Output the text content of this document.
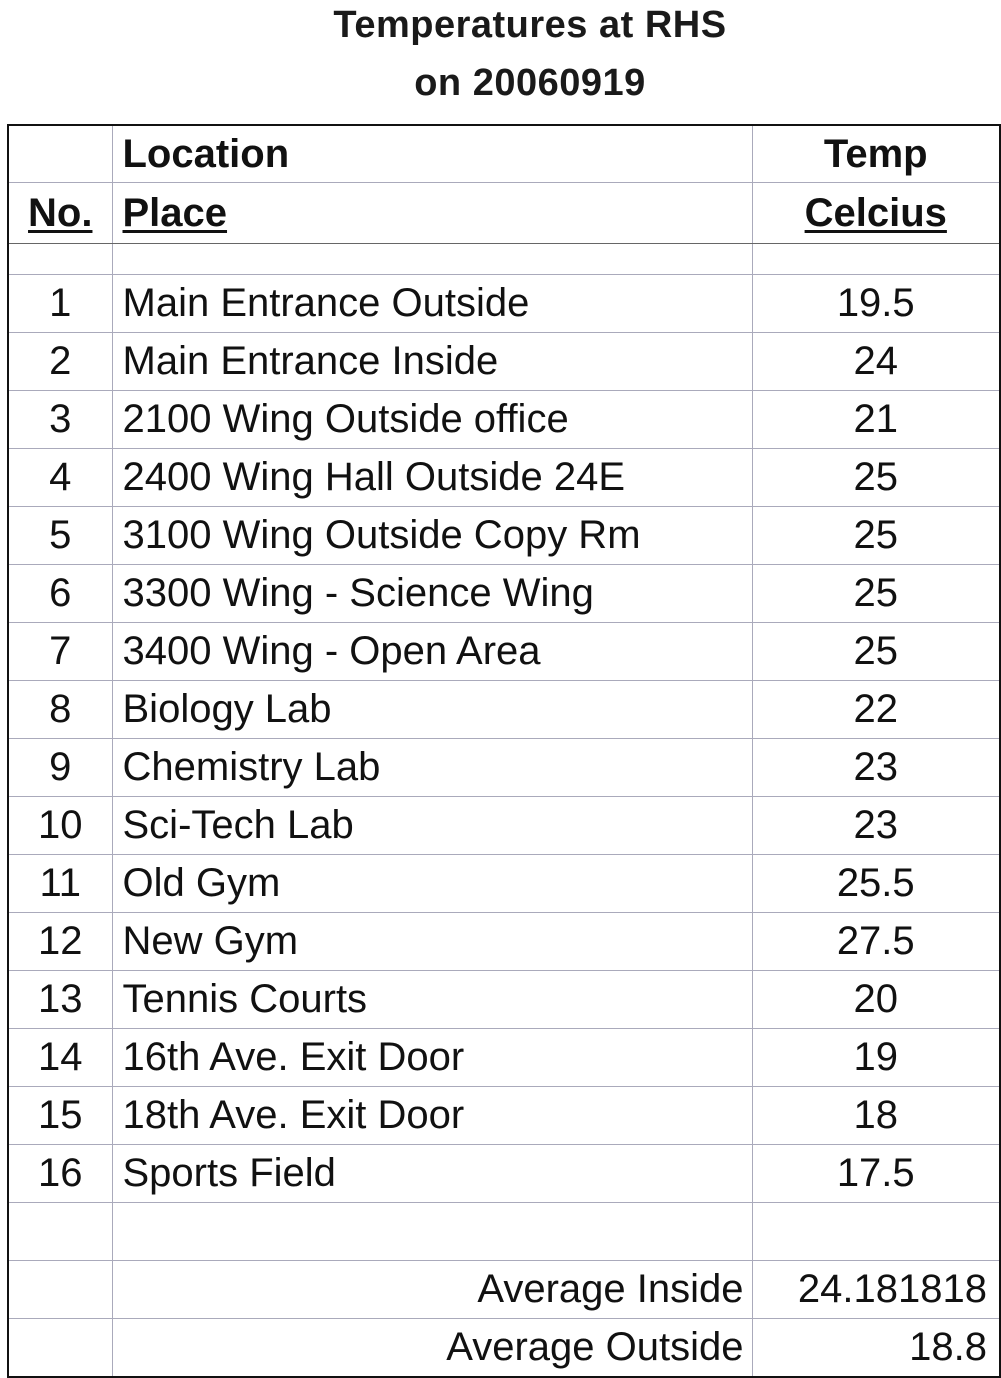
Temperatures at RHS
on 20060919
	Location	Temp
No.	Place	Celcius

1	Main Entrance Outside	19.5
2	Main Entrance Inside	24
3	2100 Wing Outside office	21
4	2400 Wing Hall Outside 24E	25
5	3100 Wing Outside Copy Rm	25
6	3300 Wing - Science Wing	25
7	3400 Wing - Open Area	25
8	Biology Lab	22
9	Chemistry Lab	23
10	Sci-Tech Lab	23
11	Old Gym	25.5
12	New Gym	27.5
13	Tennis Courts	20
14	16th Ave. Exit Door	19
15	18th Ave. Exit Door	18
16	Sports Field	17.5

	Average Inside	24.181818
	Average Outside	18.8
